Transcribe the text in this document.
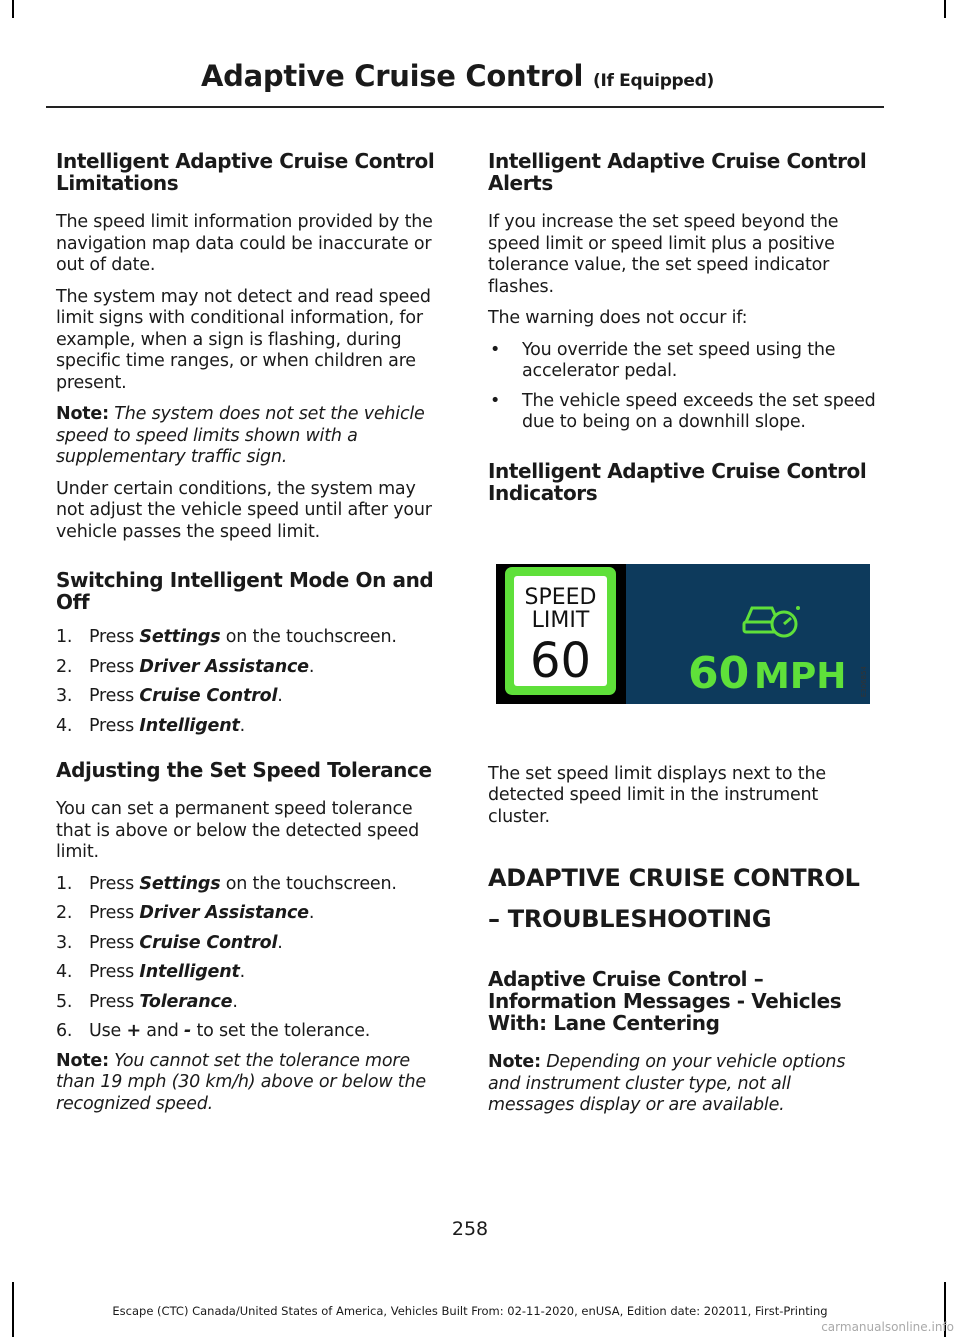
Adaptive Cruise Control (If Equipped)
Intelligent Adaptive Cruise Control Limitations

The speed limit information provided by the navigation map data could be inaccurate or out of date.

The system may not detect and read speed limit signs with conditional information, for example, when a sign is flashing, during specific time ranges, or when children are present.

Note: The system does not set the vehicle speed to speed limits shown with a supplementary traffic sign.

Under certain conditions, the system may not adjust the vehicle speed until after your vehicle passes the speed limit.

Switching Intelligent Mode On and Off
1. Press Settings on the touchscreen.
2. Press Driver Assistance.
3. Press Cruise Control.
4. Press Intelligent.
Adjusting the Set Speed Tolerance

You can set a permanent speed tolerance that is above or below the detected speed limit.

1. Press Settings on the touchscreen.
2. Press Driver Assistance.
3. Press Cruise Control.
4. Press Intelligent.
5. Press Tolerance.
6. Use + and - to set the tolerance.

Note: You cannot set the tolerance more than 19 mph (30 km/h) above or below the recognized speed.

Intelligent Adaptive Cruise Control Alerts

If you increase the set speed beyond the speed limit or speed limit plus a positive tolerance value, the set speed indicator flashes.

The warning does not occur if:

•	You override the set speed using the accelerator pedal.
•	The vehicle speed exceeds the set speed due to being on a downhill slope.
Intelligent Adaptive Cruise Control Indicators
SPEED
LIMIT
60 60 MPH E306854

The set speed limit displays next to the detected speed limit in the instrument cluster.

ADAPTIVE CRUISE CONTROL
– TROUBLESHOOTING
Adaptive Cruise Control – Information Messages - Vehicles With: Lane Centering

Note: Depending on your vehicle options and instrument cluster type, not all messages display or are available.

258
Escape (CTC) Canada/United States of America, Vehicles Built From: 02-11-2020, enUSA, Edition date: 202011, First-Printing
carmanualsonline.info
